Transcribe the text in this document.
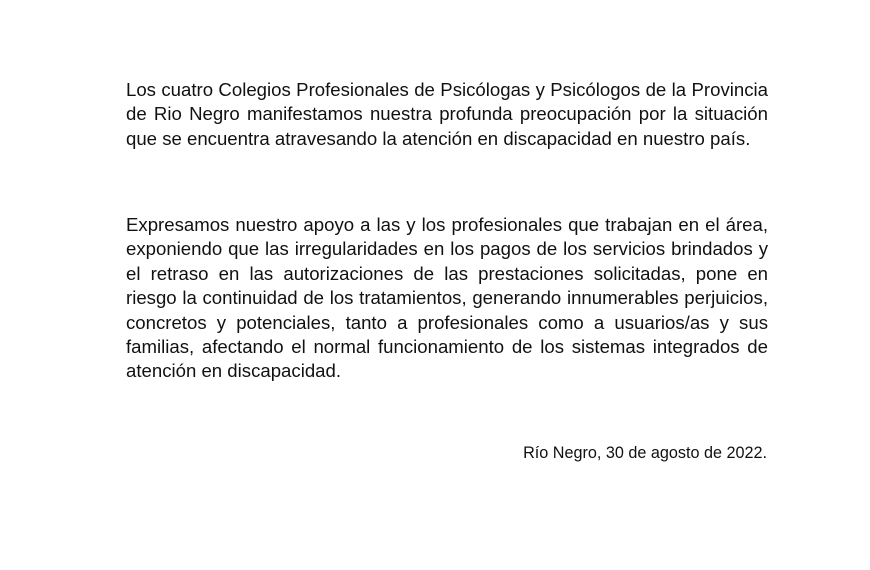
Los cuatro Colegios Profesionales de Psicólogas y Psicólogos de la Provincia de Rio Negro manifestamos nuestra profunda preocupación por la situación que se encuentra atravesando la atención en discapacidad en nuestro país.

Expresamos nuestro apoyo a las y los profesionales que trabajan en el área, exponiendo que las irregularidades en los pagos de los servicios brindados y el retraso en las autorizaciones de las prestaciones solicitadas, pone en riesgo la continuidad de los tratamientos, generando innumerables perjuicios, concretos y potenciales, tanto a profesionales como a usuarios/as y sus familias, afectando el normal funcionamiento de los sistemas integrados de atención en discapacidad.

Río Negro, 30 de agosto de 2022.
